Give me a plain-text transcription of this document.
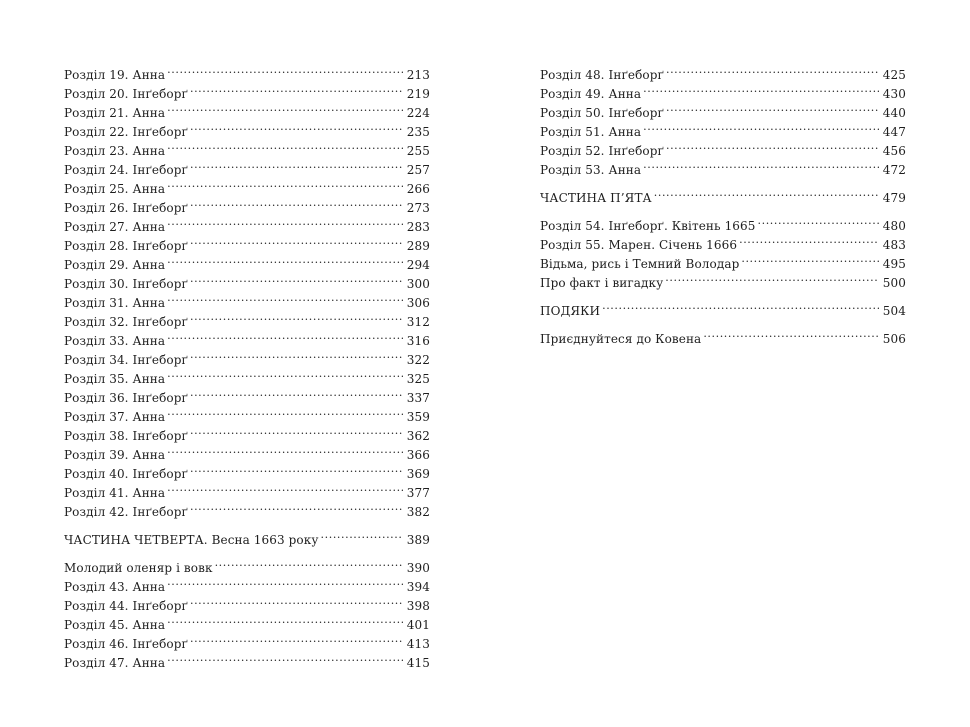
Розділ 19. Анна .....	213
Розділ 20. Інґеборґ .....	219
Розділ 21. Анна .....	224
Розділ 22. Інґеборґ .....	235
Розділ 23. Анна .....	255
Розділ 24. Інґеборґ .....	257
Розділ 25. Анна .....	266
Розділ 26. Інґеборґ .....	273
Розділ 27. Анна .....	283
Розділ 28. Інґеборґ .....	289
Розділ 29. Анна .....	294
Розділ 30. Інґеборґ .....	300
Розділ 31. Анна .....	306
Розділ 32. Інґеборґ .....	312
Розділ 33. Анна .....	316
Розділ 34. Інґеборґ .....	322
Розділ 35. Анна .....	325
Розділ 36. Інґеборґ .....	337
Розділ 37. Анна .....	359
Розділ 38. Інґеборґ .....	362
Розділ 39. Анна .....	366
Розділ 40. Інґеборґ .....	369
Розділ 41. Анна .....	377
Розділ 42. Інґеборґ .....	382
ЧАСТИНА ЧЕТВЕРТА. Весна 1663 року .....	389
Молодий оленяр і вовк .....	390
Розділ 43. Анна .....	394
Розділ 44. Інґеборґ .....	398
Розділ 45. Анна .....	401
Розділ 46. Інґеборґ .....	413
Розділ 47. Анна .....	415
Розділ 48. Інґеборґ .....	425
Розділ 49. Анна .....	430
Розділ 50. Інґеборґ .....	440
Розділ 51. Анна .....	447
Розділ 52. Інґеборґ .....	456
Розділ 53. Анна .....	472
ЧАСТИНА П’ЯТА .....	479
Розділ 54. Інґеборґ. Квітень 1665 .....	480
Розділ 55. Марен. Січень 1666 .....	483
Відьма, рись і Темний Володар .....	495
Про факт і вигадку .....	500
ПОДЯКИ .....	504
Приєднуйтеся до Ковена .....	506
